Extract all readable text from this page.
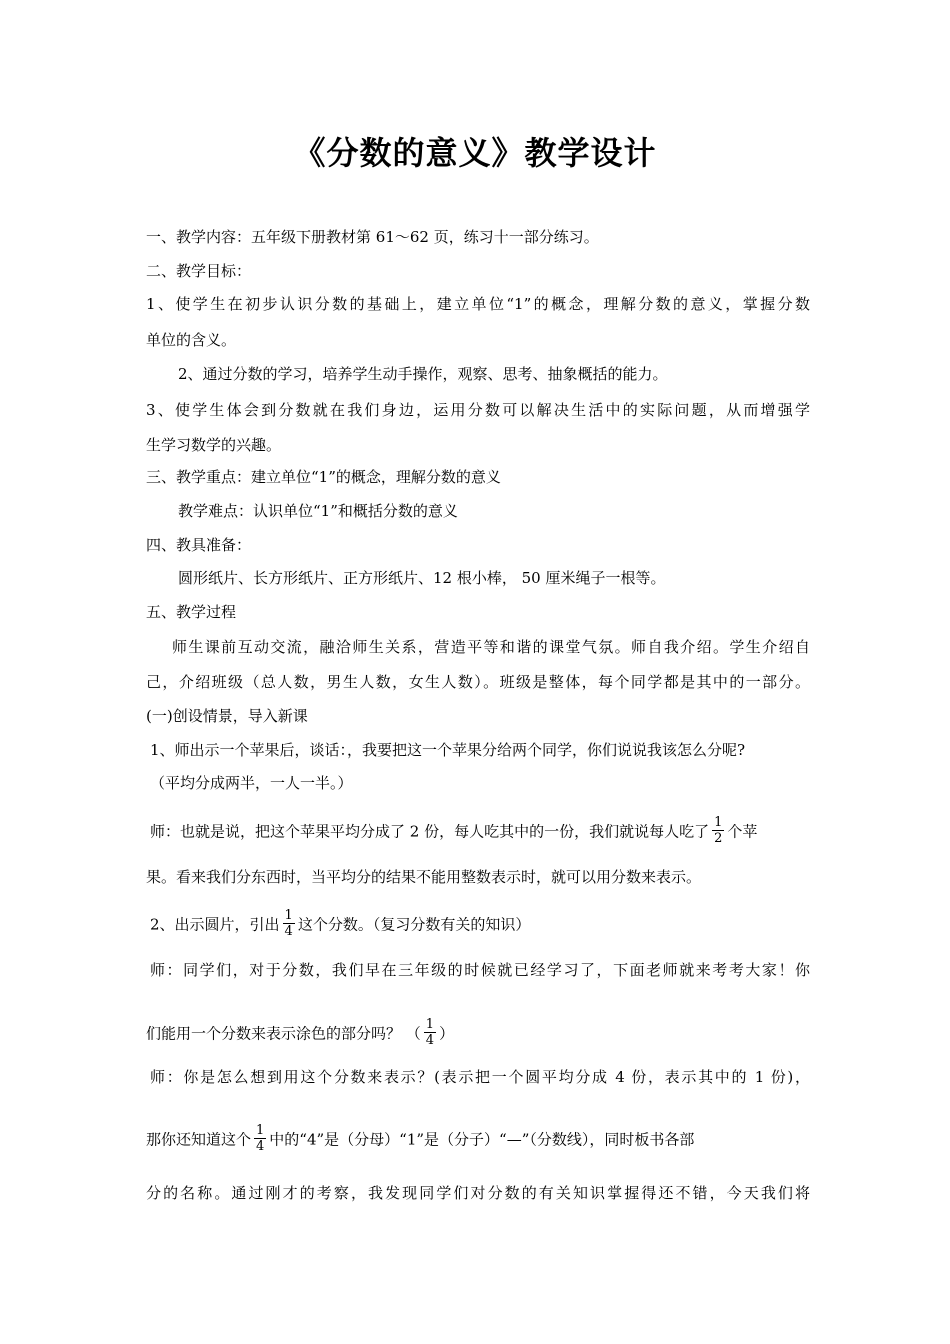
《分数的意义》教学设计
一、教学内容：五年级下册教材第 61～62 页，练习十一部分练习。
二、教学目标：
1、使学生在初步认识分数的基础上，建立单位“1”的概念，理解分数的意义，掌握分数
单位的含义。
2、通过分数的学习，培养学生动手操作，观察、思考、抽象概括的能力。
3、使学生体会到分数就在我们身边，运用分数可以解决生活中的实际问题，从而增强学
生学习数学的兴趣。
三、教学重点：建立单位“1”的概念，理解分数的意义
教学难点：认识单位“1”和概括分数的意义
四、教具准备：
圆形纸片、长方形纸片、正方形纸片、12 根小棒， 50 厘米绳子一根等。
五、教学过程
师生课前互动交流，融洽师生关系，营造平等和谐的课堂气氛。师自我介绍。学生介绍自
己，介绍班级（总人数，男生人数，女生人数）。班级是整体，每个同学都是其中的一部分。
(一)创设情景，导入新课
1、师出示一个苹果后，谈话：，我要把这一个苹果分给两个同学，你们说说我该怎么分呢?
（平均分成两半，一人一半。）
师：也就是说，把这个苹果平均分成了 2 份，每人吃其中的一份，我们就说每人吃了 $\frac{1}{2}$ 个苹
果。看来我们分东西时，当平均分的结果不能用整数表示时，就可以用分数来表示。
2、出示圆片，引出 $\frac{1}{4}$ 这个分数。（复习分数有关的知识）
师：同学们，对于分数，我们早在三年级的时候就已经学习了，下面老师就来考考大家！你
们能用一个分数来表示涂色的部分吗？ （ $\frac{1}{4}$ ）
师：你是怎么想到用这个分数来表示？(表示把一个圆平均分成 4 份，表示其中的 1 份)，
那你还知道这个 $\frac{1}{4}$ 中的“4”是（分母）“1”是（分子）“—”（分数线），同时板书各部
分的名称。通过刚才的考察，我发现同学们对分数的有关知识掌握得还不错，今天我们将
